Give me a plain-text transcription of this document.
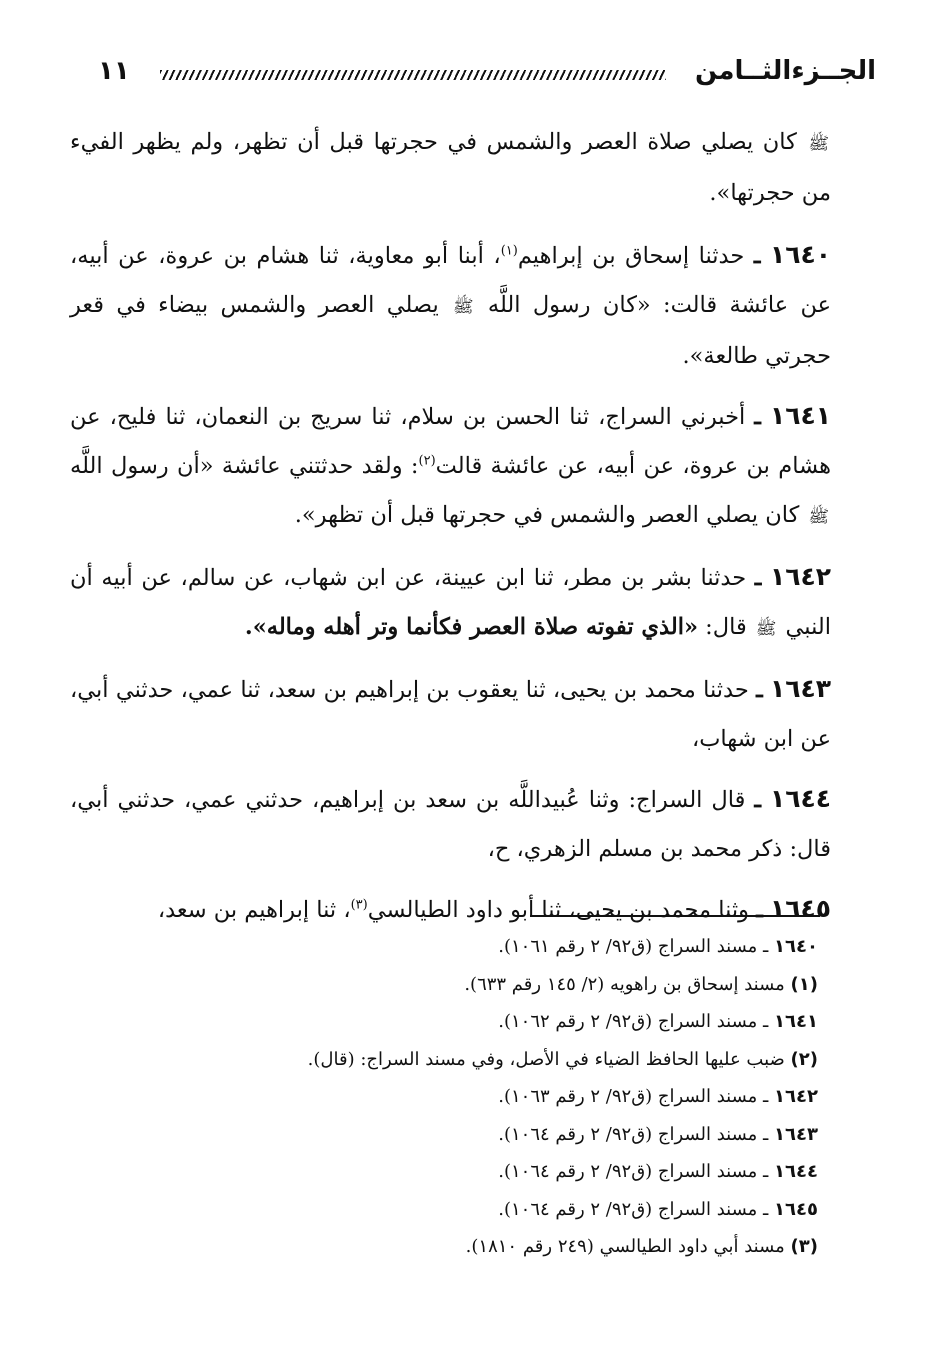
الجــزءالثــامن
١١

ﷺ كان يصلي صلاة العصر والشمس في حجرتها قبل أن تظهر، ولم يظهر الفيء من حجرتها».

١٦٤٠ ـ حدثنا إسحاق بن إبراهيم$^{(١)}$، أبنا أبو معاوية، ثنا هشام بن عروة، عن أبيه، عن عائشة قالت: «كان رسول اللَّه ﷺ يصلي العصر والشمس بيضاء في قعر حجرتي طالعة».

١٦٤١ ـ أخبرني السراج، ثنا الحسن بن سلام، ثنا سريج بن النعمان، ثنا فليح، عن هشام بن عروة، عن أبيه، عن عائشة قالت$^{(٢)}$: ولقد حدثتني عائشة «أن رسول اللَّه ﷺ كان يصلي العصر والشمس في حجرتها قبل أن تظهر».

١٦٤٢ ـ حدثنا بشر بن مطر، ثنا ابن عيينة، عن ابن شهاب، عن سالم، عن أبيه أن النبي ﷺ قال: «الذي تفوته صلاة العصر فكأنما وتر أهله وماله».

١٦٤٣ ـ حدثنا محمد بن يحيى، ثنا يعقوب بن إبراهيم بن سعد، ثنا عمي، حدثني أبي، عن ابن شهاب،

١٦٤٤ ـ قال السراج: وثنا عُبيداللَّه بن سعد بن إبراهيم، حدثني عمي، حدثني أبي، قال: ذكر محمد بن مسلم الزهري، ح،

١٦٤٥ ـ وثنا محمد بن يحيى، ثنا أبو داود الطيالسي$^{(٣)}$، ثنا إبراهيم بن سعد،

١٦٤٠ ـ مسند السراج (ق٩٢/ ٢ رقم ١٠٦١).

(١) مسند إسحاق بن راهويه (٢/ ١٤٥ رقم ٦٣٣).

١٦٤١ ـ مسند السراج (ق٩٢/ ٢ رقم ١٠٦٢).

(٢) ضبب عليها الحافظ الضياء في الأصل، وفي مسند السراج: (قال).

١٦٤٢ ـ مسند السراج (ق٩٢/ ٢ رقم ١٠٦٣).

١٦٤٣ ـ مسند السراج (ق٩٢/ ٢ رقم ١٠٦٤).

١٦٤٤ ـ مسند السراج (ق٩٢/ ٢ رقم ١٠٦٤).

١٦٤٥ ـ مسند السراج (ق٩٢/ ٢ رقم ١٠٦٤).

(٣) مسند أبي داود الطيالسي (٢٤٩ رقم ١٨١٠).
